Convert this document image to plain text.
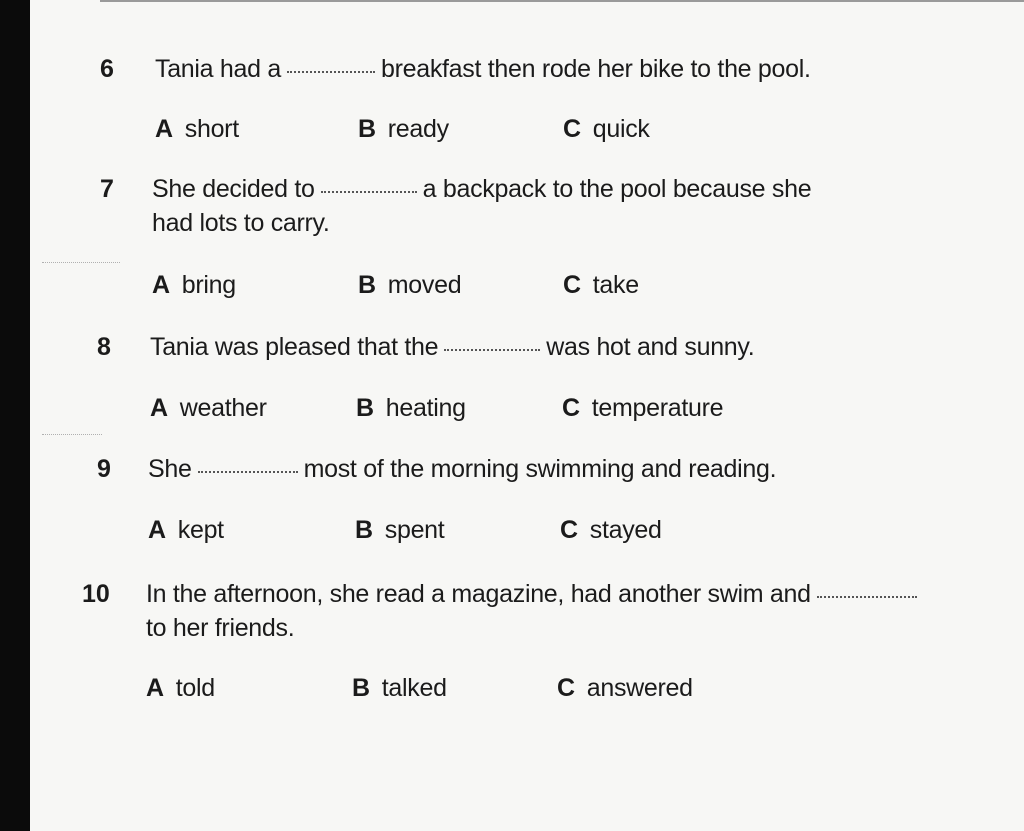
6 Tania had a	breakfast then rode her bike to the pool.
A short	B ready	C quick
7 She decided to	a backpack to the pool because she
had lots to carry.
A bring	B moved	C take
8 Tania was pleased that the	was hot and sunny.
A weather	B heating	C temperature
9 She	most of the morning swimming and reading.
A kept	B spent	C stayed
10 In the afternoon, she read a magazine, had another swim and
to her friends.
A told	B talked	C answered
